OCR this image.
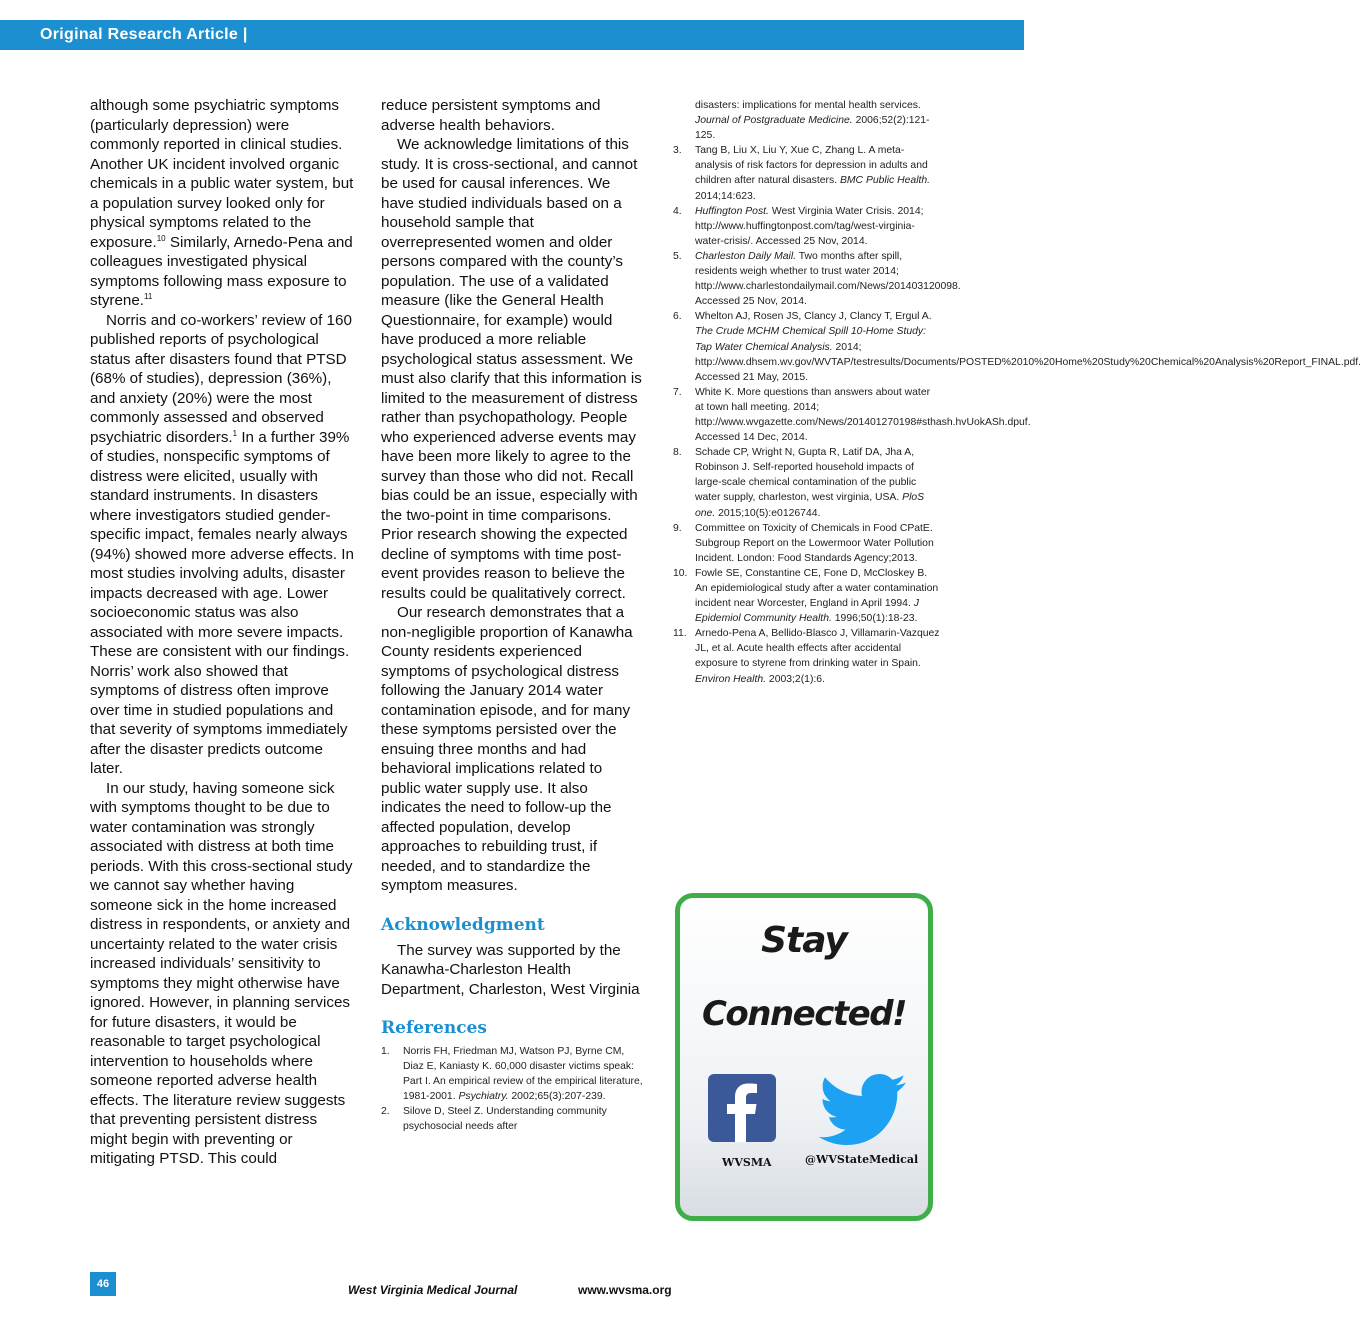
Original Research Article |

although some psychiatric symptoms (particularly depression) were commonly reported in clinical studies. Another UK incident involved organic chemicals in a public water system, but a population survey looked only for physical symptoms related to the exposure.$^{10}$ Similarly, Arnedo-Pena and colleagues investigated physical symptoms following mass exposure to styrene.$^{11}$

Norris and co-workers’ review of 160 published reports of psychological status after disasters found that PTSD (68% of studies), depression (36%), and anxiety (20%) were the most commonly assessed and observed psychiatric disorders.$^1$ In a further 39% of studies, nonspecific symptoms of distress were elicited, usually with standard instruments. In disasters where investigators studied gender-specific impact, females nearly always (94%) showed more adverse effects. In most studies involving adults, disaster impacts decreased with age. Lower socioeconomic status was also associated with more severe impacts. These are consistent with our findings. Norris’ work also showed that symptoms of distress often improve over time in studied populations and that severity of symptoms immediately after the disaster predicts outcome later.

In our study, having someone sick with symptoms thought to be due to water contamination was strongly associated with distress at both time periods. With this cross-sectional study we cannot say whether having someone sick in the home increased distress in respondents, or anxiety and uncertainty related to the water crisis increased individuals’ sensitivity to symptoms they might otherwise have ignored. However, in planning services for future disasters, it would be reasonable to target psychological intervention to households where someone reported adverse health effects. The literature review suggests that preventing persistent distress might begin with preventing or mitigating PTSD. This could

reduce persistent symptoms and adverse health behaviors.

We acknowledge limitations of this study. It is cross-sectional, and cannot be used for causal inferences. We have studied individuals based on a household sample that overrepresented women and older persons compared with the county’s population. The use of a validated measure (like the General Health Questionnaire, for example) would have produced a more reliable psychological status assessment. We must also clarify that this information is limited to the measurement of distress rather than psychopathology. People who experienced adverse events may have been more likely to agree to the survey than those who did not. Recall bias could be an issue, especially with the two-point in time comparisons. Prior research showing the expected decline of symptoms with time post-event provides reason to believe the results could be qualitatively correct.

Our research demonstrates that a non-negligible proportion of Kanawha County residents experienced symptoms of psychological distress following the January 2014 water contamination episode, and for many these symptoms persisted over the ensuing three months and had behavioral implications related to public water supply use. It also indicates the need to follow-up the affected population, develop approaches to rebuilding trust, if needed, and to standardize the symptom measures.

Acknowledgment

The survey was supported by the Kanawha-Charleston Health Department, Charleston, West Virginia

References
1. Norris FH, Friedman MJ, Watson PJ, Byrne CM, Diaz E, Kaniasty K. 60,000 disaster victims speak: Part I. An empirical review of the empirical literature, 1981-2001. Psychiatry. 2002;65(3):207-239.
2. Silove D, Steel Z. Understanding community psychosocial needs after
disasters: implications for mental health services. Journal of Postgraduate Medicine. 2006;52(2):121-125.
3. Tang B, Liu X, Liu Y, Xue C, Zhang L. A meta-analysis of risk factors for depression in adults and children after natural disasters. BMC Public Health. 2014;14:623.
4. Huffington Post. West Virginia Water Crisis. 2014; http://www.huffingtonpost.com/tag/west-virginia-water-crisis/. Accessed 25 Nov, 2014.
5. Charleston Daily Mail. Two months after spill, residents weigh whether to trust water 2014; http://www.charlestondailymail.com/News/201403120098. Accessed 25 Nov, 2014.
6. Whelton AJ, Rosen JS, Clancy J, Clancy T, Ergul A. The Crude MCHM Chemical Spill 10-Home Study: Tap Water Chemical Analysis. 2014; http://www.dhsem.wv.gov/WVTAP/testresults/Documents/POSTED%2010%20Home%20Study%20Chemical%20Analysis%20Report_FINAL.pdf. Accessed 21 May, 2015.
7. White K. More questions than answers about water at town hall meeting. 2014; http://www.wvgazette.com/News/201401270198#sthash.hvUokASh.dpuf. Accessed 14 Dec, 2014.
8. Schade CP, Wright N, Gupta R, Latif DA, Jha A, Robinson J. Self-reported household impacts of large-scale chemical contamination of the public water supply, charleston, west virginia, USA. PloS one. 2015;10(5):e0126744.
9. Committee on Toxicity of Chemicals in Food CPatE. Subgroup Report on the Lowermoor Water Pollution Incident. London: Food Standards Agency;2013.
10. Fowle SE, Constantine CE, Fone D, McCloskey B. An epidemiological study after a water contamination incident near Worcester, England in April 1994. J Epidemiol Community Health. 1996;50(1):18-23.
11. Arnedo-Pena A, Bellido-Blasco J, Villamarin-Vazquez JL, et al. Acute health effects after accidental exposure to styrene from drinking water in Spain. Environ Health. 2003;2(1):6.
Stay
Connected!
WVSMA	@WVStateMedical
46	West Virginia Medical Journal	www.wvsma.org
